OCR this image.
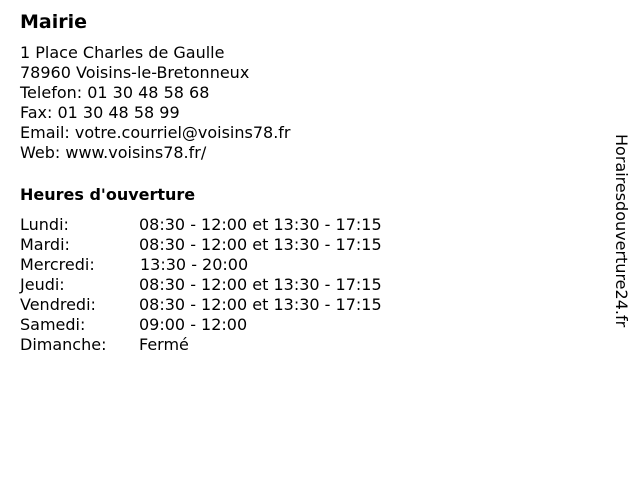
Mairie
1 Place Charles de Gaulle
78960 Voisins-le-Bretonneux
Telefon: 01 30 48 58 68
Fax: 01 30 48 58 99
Email: votre.courriel@voisins78.fr
Web: www.voisins78.fr/
Heures d'ouverture
Lundi:	08:30 - 12:00 et 13:30 - 17:15
Mardi:	08:30 - 12:00 et 13:30 - 17:15
Mercredi:	13:30 - 20:00
Jeudi:	08:30 - 12:00 et 13:30 - 17:15
Vendredi:	08:30 - 12:00 et 13:30 - 17:15
Samedi:	09:00 - 12:00
Dimanche:	Fermé
Horairesdouverture24.fr
